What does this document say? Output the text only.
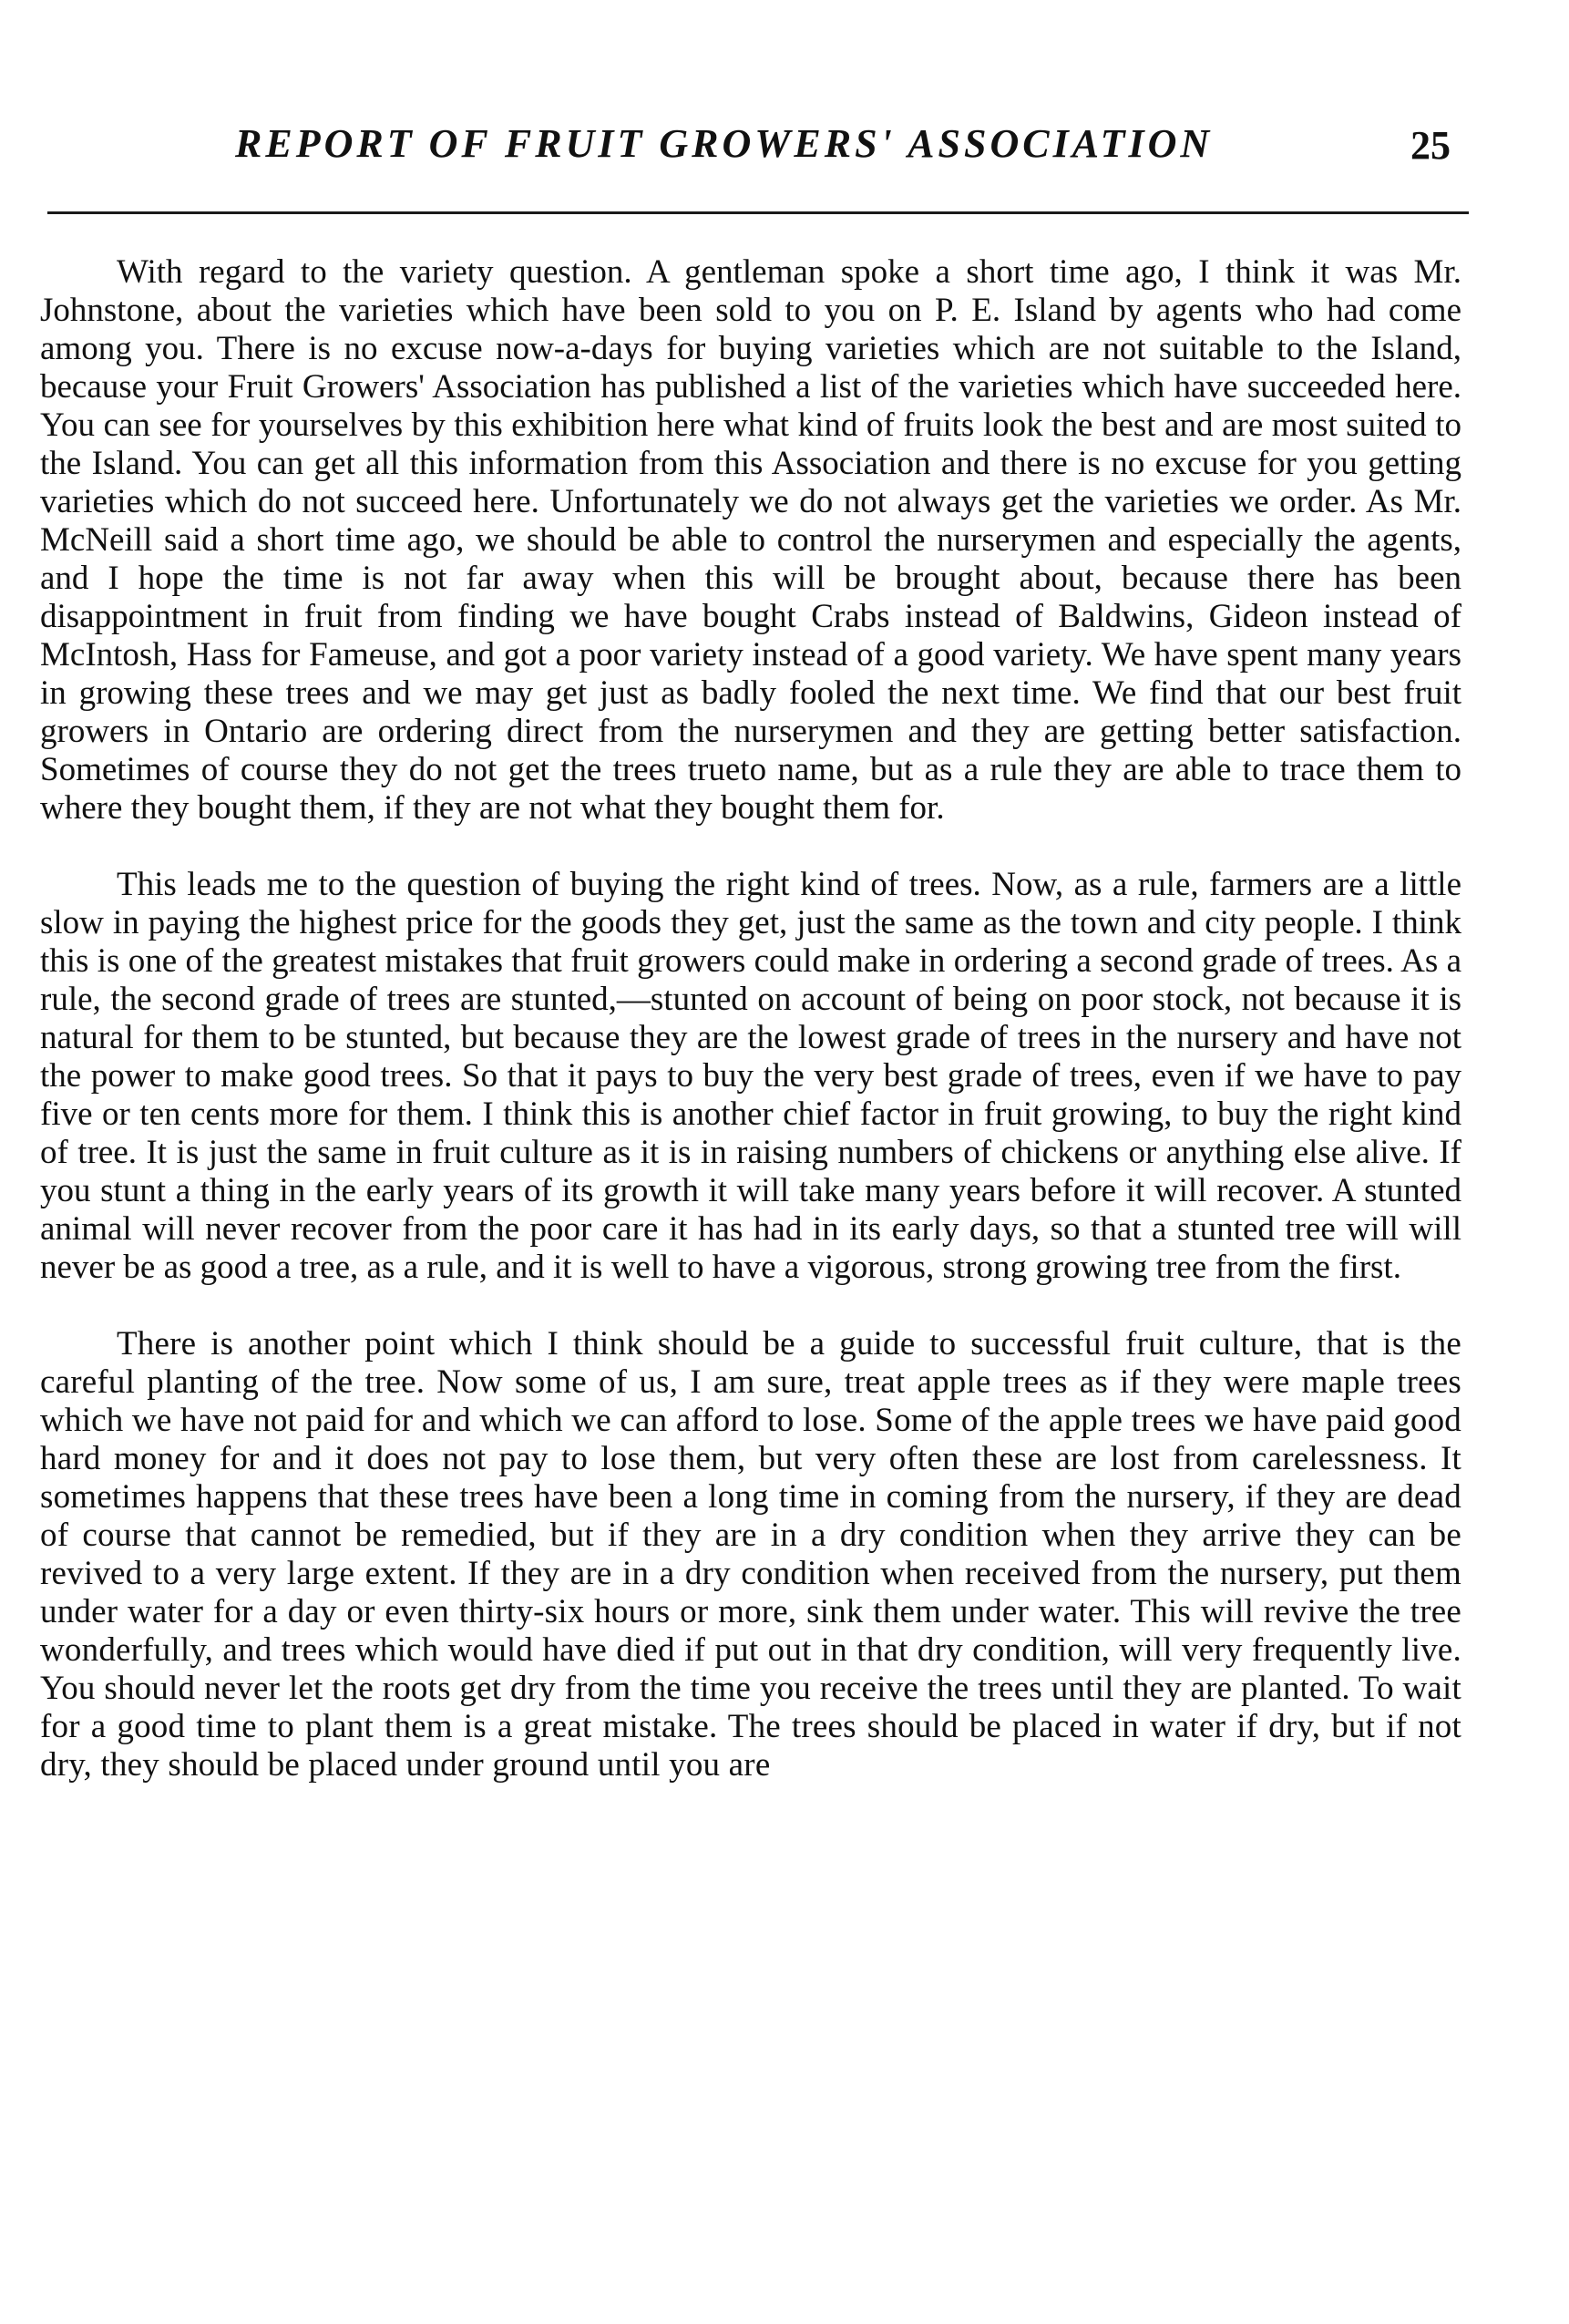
REPORT OF FRUIT GROWERS' ASSOCIATION	25

With regard to the variety question. A gentleman spoke a short time ago, I think it was Mr. Johnstone, about the varieties which have been sold to you on P. E. Island by agents who had come among you. There is no excuse now-a-days for buying varieties which are not suitable to the Island, because your Fruit Growers' Association has published a list of the varieties which have succeeded here. You can see for yourselves by this exhibition here what kind of fruits look the best and are most suited to the Island. You can get all this information from this Association and there is no excuse for you getting varieties which do not succeed here. Unfortunately we do not always get the varieties we order. As Mr. McNeill said a short time ago, we should be able to control the nurserymen and especially the agents, and I hope the time is not far away when this will be brought about, because there has been disappointment in fruit from finding we have bought Crabs instead of Baldwins, Gideon instead of McIntosh, Hass for Fameuse, and got a poor variety instead of a good variety. We have spent many years in growing these trees and we may get just as badly fooled the next time. We find that our best fruit growers in Ontario are ordering direct from the nurserymen and they are getting better satisfaction. Sometimes of course they do not get the trees trueto name, but as a rule they are able to trace them to where they bought them, if they are not what they bought them for.

This leads me to the question of buying the right kind of trees. Now, as a rule, farmers are a little slow in paying the highest price for the goods they get, just the same as the town and city people. I think this is one of the greatest mistakes that fruit growers could make in ordering a second grade of trees. As a rule, the second grade of trees are stunted,—stunted on account of being on poor stock, not because it is natural for them to be stunted, but because they are the lowest grade of trees in the nursery and have not the power to make good trees. So that it pays to buy the very best grade of trees, even if we have to pay five or ten cents more for them. I think this is another chief factor in fruit growing, to buy the right kind of tree. It is just the same in fruit culture as it is in raising numbers of chickens or anything else alive. If you stunt a thing in the early years of its growth it will take many years before it will recover. A stunted animal will never recover from the poor care it has had in its early days, so that a stunted tree will will never be as good a tree, as a rule, and it is well to have a vigorous, strong growing tree from the first.

There is another point which I think should be a guide to successful fruit culture, that is the careful planting of the tree. Now some of us, I am sure, treat apple trees as if they were maple trees which we have not paid for and which we can afford to lose. Some of the apple trees we have paid good hard money for and it does not pay to lose them, but very often these are lost from carelessness. It sometimes happens that these trees have been a long time in coming from the nursery, if they are dead of course that cannot be remedied, but if they are in a dry condition when they arrive they can be revived to a very large extent. If they are in a dry condition when received from the nursery, put them under water for a day or even thirty-six hours or more, sink them under water. This will revive the tree wonderfully, and trees which would have died if put out in that dry condition, will very frequently live. You should never let the roots get dry from the time you receive the trees until they are planted. To wait for a good time to plant them is a great mistake. The trees should be placed in water if dry, but if not dry, they should be placed under ground until you are
